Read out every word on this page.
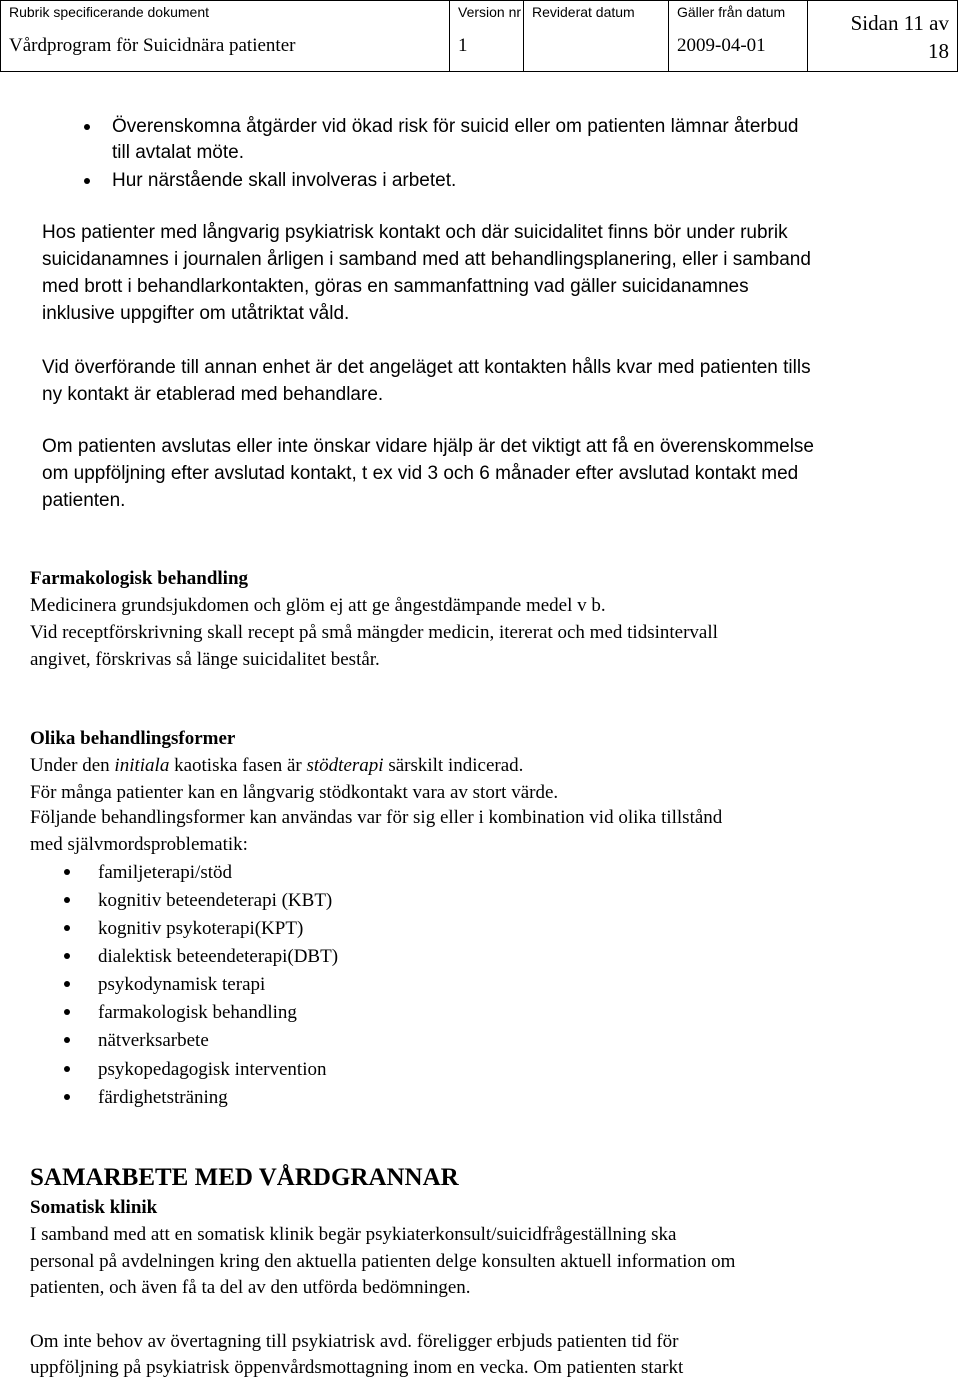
Rubrik specificerande dokument
Vårdprogram för Suicidnära patienter
Version nr
1
Reviderat datum	Gäller från datum
2009-04-01
Sidan 11 av
18
Överenskomna åtgärder vid ökad risk för suicid eller om patienten lämnar återbud
till avtalat möte.
Hur närstående skall involveras i arbetet.
Hos patienter med långvarig psykiatrisk kontakt och där suicidalitet finns bör under rubrik
suicidanamnes i journalen årligen i samband med att behandlingsplanering, eller i samband
med brott i behandlarkontakten, göras en sammanfattning vad gäller suicidanamnes
inklusive uppgifter om utåtriktat våld.
Vid överförande till annan enhet är det angeläget att kontakten hålls kvar med patienten tills
ny kontakt är etablerad med behandlare.
Om patienten avslutas eller inte önskar vidare hjälp är det viktigt att få en överenskommelse
om uppföljning efter avslutad kontakt, t ex vid 3 och 6 månader efter avslutad kontakt med
patienten.
Farmakologisk behandling
Medicinera grundsjukdomen och glöm ej att ge ångestdämpande medel v b.
Vid receptförskrivning skall recept på små mängder medicin, itererat och med tidsintervall
angivet, förskrivas så länge suicidalitet består.
Olika behandlingsformer
Under den initiala kaotiska fasen är stödterapi särskilt indicerad.
För många patienter kan en långvarig stödkontakt vara av stort värde.
Följande behandlingsformer kan användas var för sig eller i kombination vid olika tillstånd
med självmordsproblematik:
familjeterapi/stöd
kognitiv beteendeterapi (KBT)
kognitiv psykoterapi(KPT)
dialektisk beteendeterapi(DBT)
psykodynamisk terapi
farmakologisk behandling
nätverksarbete
psykopedagogisk intervention
färdighetsträning
SAMARBETE MED VÅRDGRANNAR
Somatisk klinik
I samband med att en somatisk klinik begär psykiaterkonsult/suicidfrågeställning ska
personal på avdelningen kring den aktuella patienten delge konsulten aktuell information om
patienten, och även få ta del av den utförda bedömningen.
Om inte behov av övertagning till psykiatrisk avd. föreligger erbjuds patienten tid för
uppföljning på psykiatrisk öppenvårdsmottagning inom en vecka. Om patienten starkt
